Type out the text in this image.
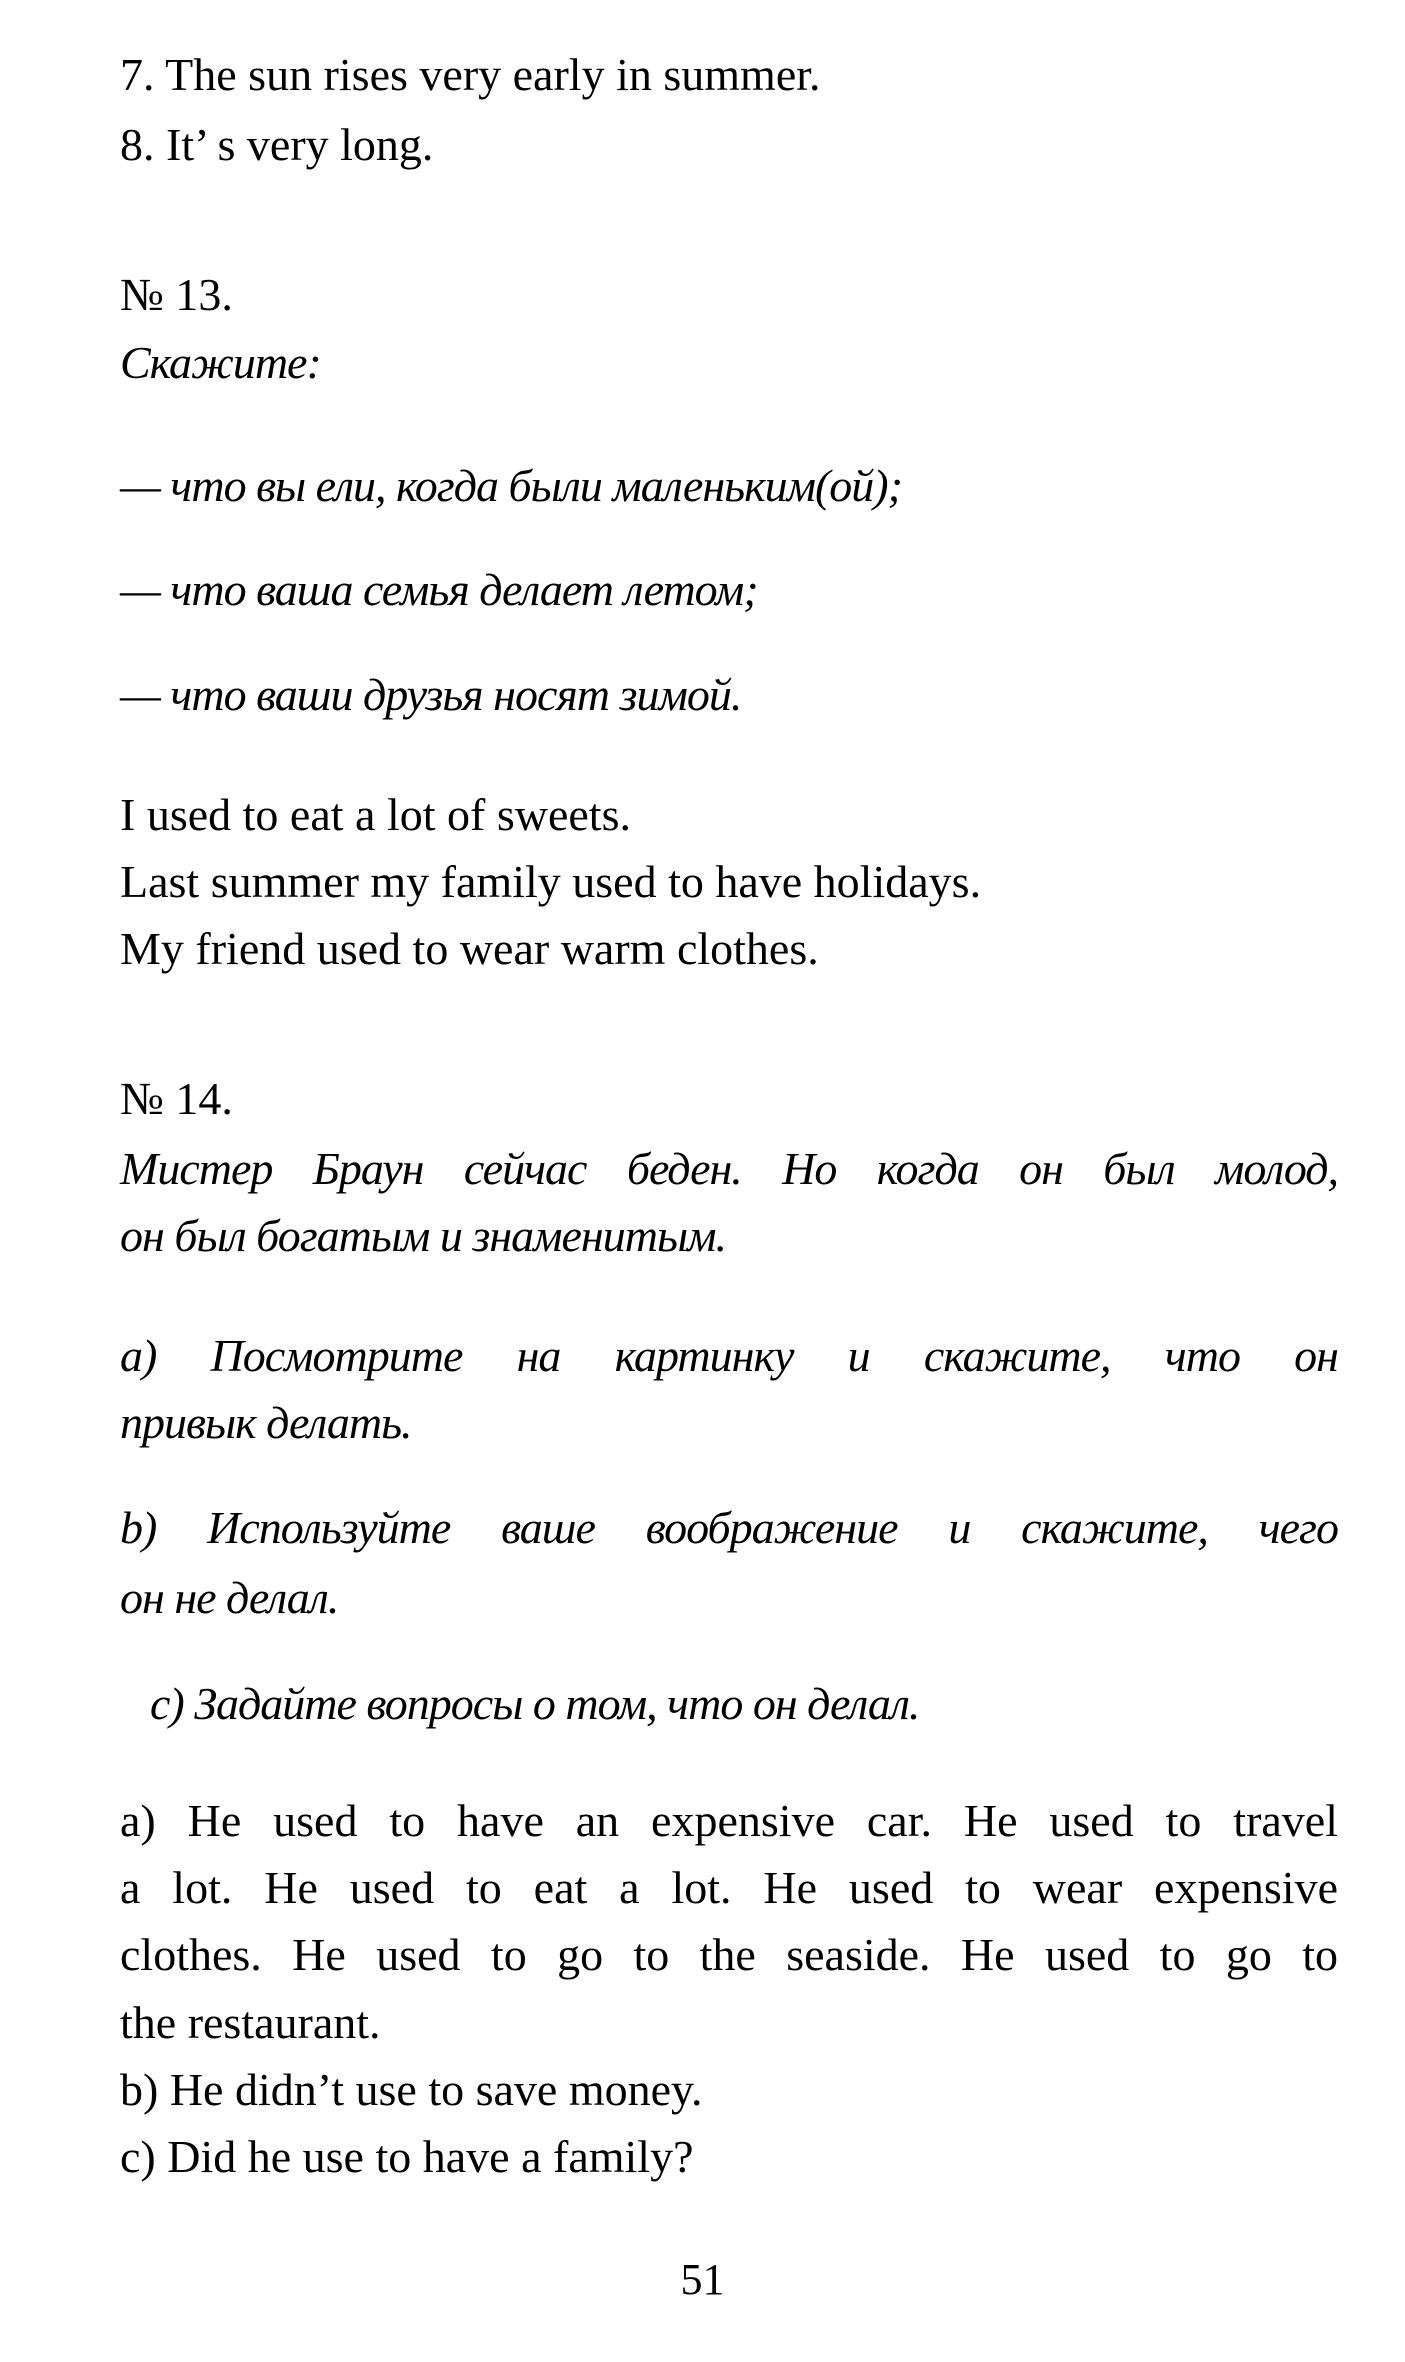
7. The sun rises very early in summer.
8. It’ s very long.
№ 13.
Скажите:
— что вы ели, когда были маленьким(ой);
— что ваша семья делает летом;
— что ваши друзья носят зимой.
I used to eat a lot of sweets.
Last summer my family used to have holidays.
My friend used to wear warm clothes.
№ 14.
Мистер Браун сейчас беден. Но когда он был молод,
он был богатым и знаменитым.
а) Посмотрите на картинку и скажите, что он
привык делать.
b) Используйте ваше воображение и скажите, чего
он не делал.
с) Задайте вопросы о том, что он делал.
a) He used to have an expensive car. He used to travel
a lot. He used to eat a lot. He used to wear expensive
clothes. He used to go to the seaside. He used to go to
the restaurant.
b) He didn’t use to save money.
c) Did he use to have a family?
51
